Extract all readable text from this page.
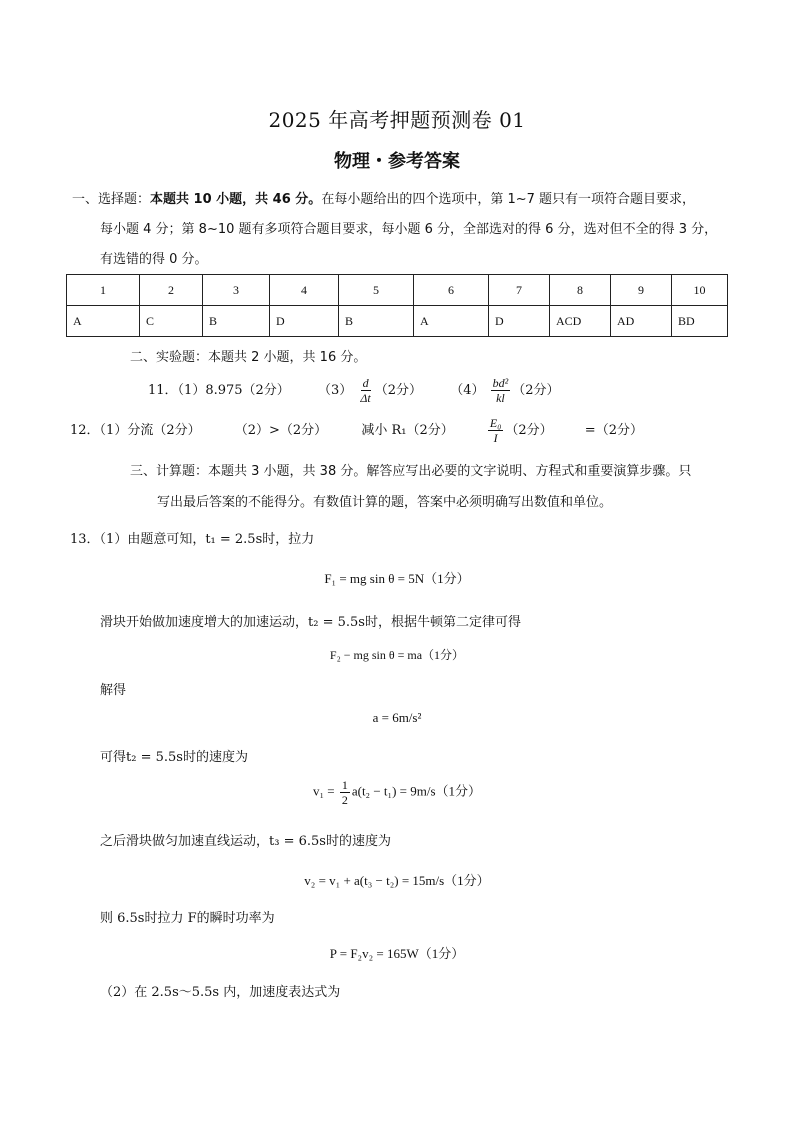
2025 年高考押题预测卷 01
物理・参考答案
一、选择题：本题共 10 小题，共 46 分。在每小题给出的四个选项中，第 1~7 题只有一项符合题目要求，
每小题 4 分；第 8~10 题有多项符合题目要求，每小题 6 分，全部选对的得 6 分，选对但不全的得 3 分，
有选错的得 0 分。
1	2	3	4	5	6	7	8	9	10
A	C	B	D	B	A	D	ACD	AD	BD
二、实验题：本题共 2 小题，共 16 分。
11．（1）8.975（2分） $(3) \frac{d}{\Delta t} (2$分） $(4) \frac{\text{bd²}}{kl} (2$分）
12．（1）分流（2分）	（2）>（2分）	减小 R₁（2分）	$\frac{\text{E₀}}{I} (2$分） =（2分）
三、计算题：本题共 3 小题，共 38 分。解答应写出必要的文字说明、方程式和重要演算步骤。只
写出最后答案的不能得分。有数值计算的题，答案中必须明确写出数值和单位。
13．（1）由题意可知，t₁ = 2.5s时，拉力
F₁ = mg sin θ = 5N（1分）
滑块开始做加速度增大的加速运动，t₂ = 5.5s时，根据牛顿第二定律可得
F₂ − mg sin θ = ma（1分）
解得
a = 6m/s²
可得t₂ = 5.5s时的速度为
$v_1 = \frac{1}{2} a(t_2 - t_1) = 9m/s(1$分）
之后滑块做匀加速直线运动，t₃ = 6.5s时的速度为
v₂ = v₁ + a(t₃ − t₂) = 15m/s（1分）
则 6.5s时拉力 F的瞬时功率为
P = F₂v₂ = 165W（1分）
（2）在 2.5s～5.5s 内，加速度表达式为
